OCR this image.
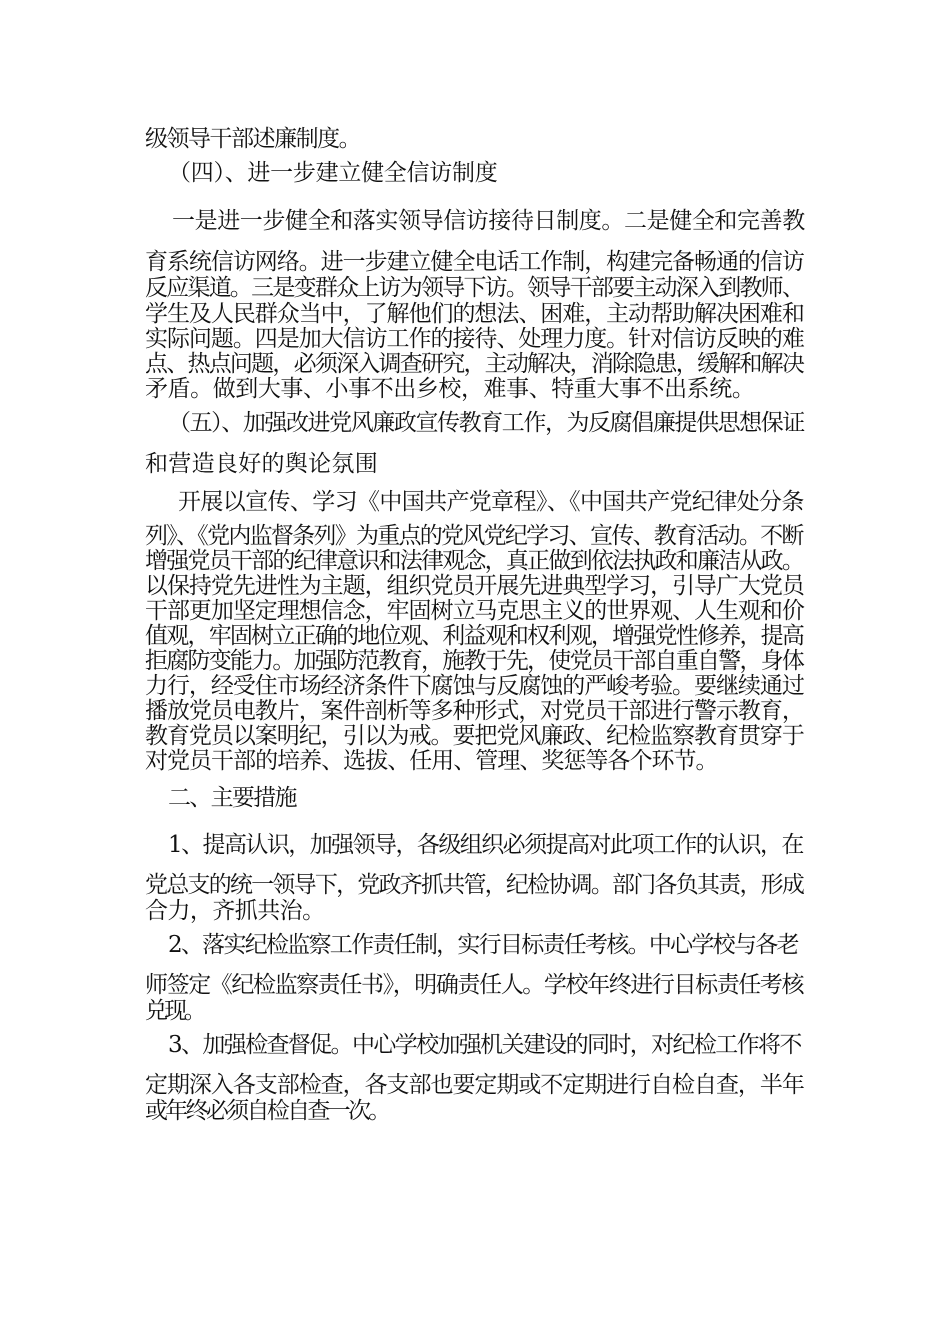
级领导干部述廉制度。

（四）、进一步建立健全信访制度

一是进一步健全和落实领导信访接待日制度。二是健全和完善教

育系统信访网络。进一步建立健全电话工作制，构建完备畅通的信访

反应渠道。三是变群众上访为领导下访。领导干部要主动深入到教师、

学生及人民群众当中，了解他们的想法、困难，主动帮助解决困难和

实际问题。四是加大信访工作的接待、处理力度。针对信访反映的难

点、热点问题，必须深入调查研究，主动解决，消除隐患，缓解和解决

矛盾。做到大事、小事不出乡校，难事、特重大事不出系统。

（五）、加强改进党风廉政宣传教育工作，为反腐倡廉提供思想保证

和营造良好的舆论氛围

开展以宣传、学习《中国共产党章程》、《中国共产党纪律处分条

列》、《党内监督条列》为重点的党风党纪学习、宣传、教育活动。不断

增强党员干部的纪律意识和法律观念，真正做到依法执政和廉洁从政。

以保持党先进性为主题，组织党员开展先进典型学习，引导广大党员

干部更加坚定理想信念，牢固树立马克思主义的世界观、人生观和价

值观，牢固树立正确的地位观、利益观和权利观，增强党性修养，提高

拒腐防变能力。加强防范教育，施教于先，使党员干部自重自警，身体

力行，经受住市场经济条件下腐蚀与反腐蚀的严峻考验。要继续通过

播放党员电教片，案件剖析等多种形式，对党员干部进行警示教育，

教育党员以案明纪，引以为戒。要把党风廉政、纪检监察教育贯穿于

对党员干部的培养、选拔、任用、管理、奖惩等各个环节。

二、主要措施

1、提高认识，加强领导，各级组织必须提高对此项工作的认识，在

党总支的统一领导下，党政齐抓共管，纪检协调。部门各负其责，形成

合力，齐抓共治。

2、落实纪检监察工作责任制，实行目标责任考核。中心学校与各老

师签定《纪检监察责任书》，明确责任人。学校年终进行目标责任考核

兑现。

3、加强检查督促。中心学校加强机关建设的同时，对纪检工作将不

定期深入各支部检查，各支部也要定期或不定期进行自检自查，半年

或年终必须自检自查一次。
